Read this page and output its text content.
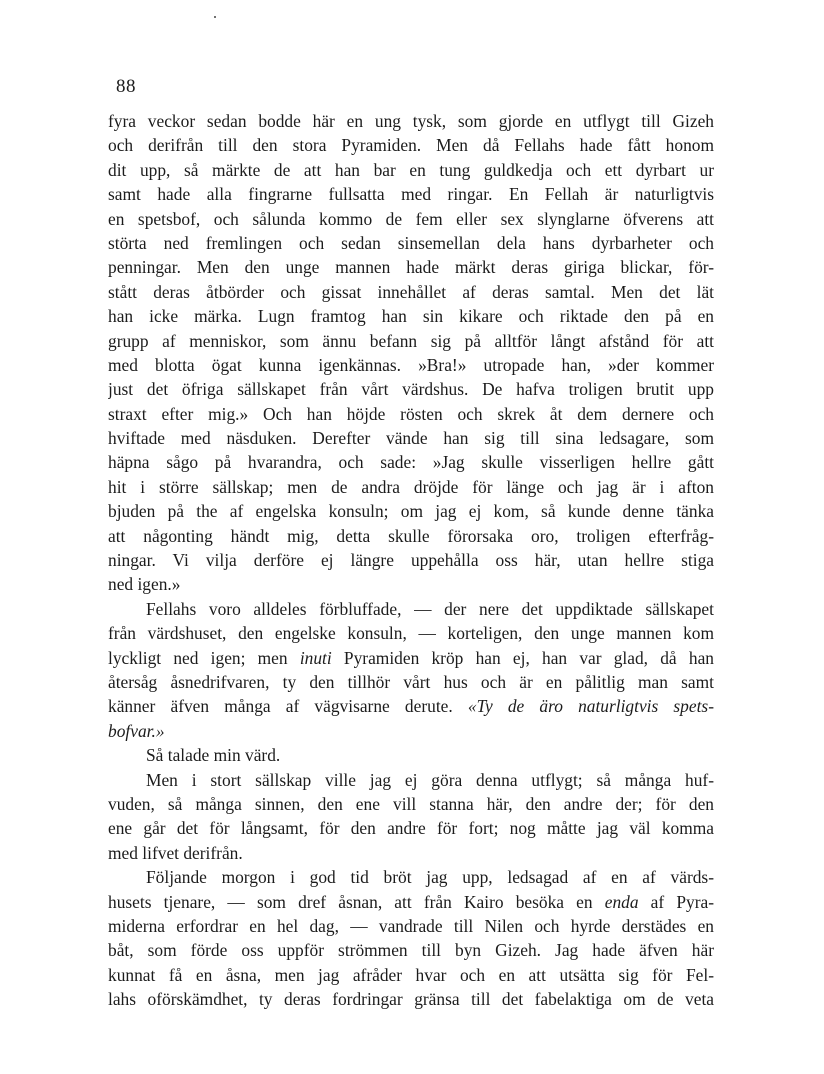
88
fyra veckor sedan bodde här en ung tysk, som gjorde en utflygt till Gizeh
och derifrån till den stora Pyramiden. Men då Fellahs hade fått honom
dit upp, så märkte de att han bar en tung guldkedja och ett dyrbart ur
samt hade alla fingrarne fullsatta med ringar. En Fellah är naturligtvis
en spetsbof, och sålunda kommo de fem eller sex slynglarne öfverens att
störta ned fremlingen och sedan sinsemellan dela hans dyrbarheter och
penningar. Men den unge mannen hade märkt deras giriga blickar, för-
stått deras åtbörder och gissat innehållet af deras samtal. Men det lät
han icke märka. Lugn framtog han sin kikare och riktade den på en
grupp af menniskor, som ännu befann sig på alltför långt afstånd för att
med blotta ögat kunna igenkännas. »Bra!» utropade han, »der kommer
just det öfriga sällskapet från vårt värdshus. De hafva troligen brutit upp
straxt efter mig.» Och han höjde rösten och skrek åt dem dernere och
hviftade med näsduken. Derefter vände han sig till sina ledsagare, som
häpna sågo på hvarandra, och sade: »Jag skulle visserligen hellre gått
hit i större sällskap; men de andra dröjde för länge och jag är i afton
bjuden på the af engelska konsuln; om jag ej kom, så kunde denne tänka
att någonting händt mig, detta skulle förorsaka oro, troligen efterfråg-
ningar. Vi vilja derföre ej längre uppehålla oss här, utan hellre stiga
ned igen.»
Fellahs voro alldeles förbluffade, — der nere det uppdiktade sällskapet
från värdshuset, den engelske konsuln, — korteligen, den unge mannen kom
lyckligt ned igen; men inuti Pyramiden kröp han ej, han var glad, då han
återsåg åsnedrifvaren, ty den tillhör vårt hus och är en pålitlig man samt
känner äfven många af vägvisarne derute. «Ty de äro naturligtvis spets-
bofvar.»
Så talade min värd.
Men i stort sällskap ville jag ej göra denna utflygt; så många huf-
vuden, så många sinnen, den ene vill stanna här, den andre der; för den
ene går det för långsamt, för den andre för fort; nog måtte jag väl komma
med lifvet derifrån.
Följande morgon i god tid bröt jag upp, ledsagad af en af värds-
husets tjenare, — som dref åsnan, att från Kairo besöka en enda af Pyra-
miderna erfordrar en hel dag, — vandrade till Nilen och hyrde derstädes en
båt, som förde oss uppför strömmen till byn Gizeh. Jag hade äfven här
kunnat få en åsna, men jag afråder hvar och en att utsätta sig för Fel-
lahs oförskämdhet, ty deras fordringar gränsa till det fabelaktiga om de veta
